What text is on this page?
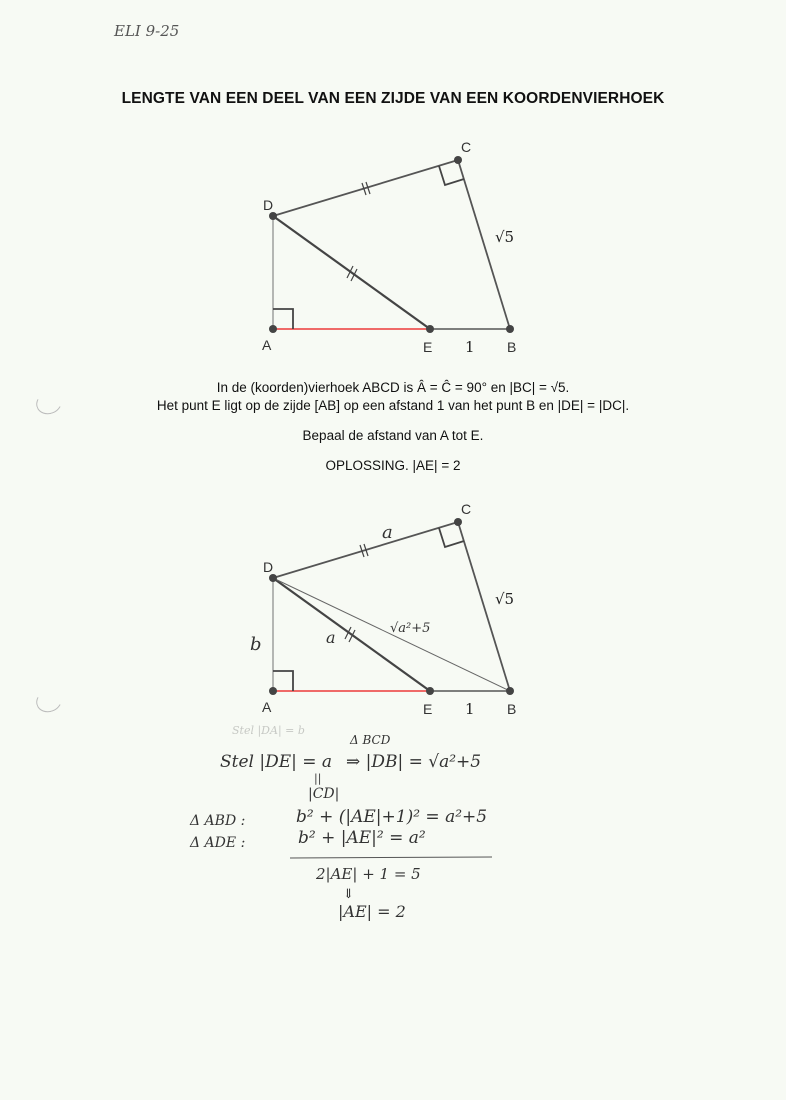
ELI 9-25
LENGTE VAN EEN DEEL VAN EEN ZIJDE VAN EEN KOORDENVIERHOEK
In de (koorden)vierhoek ABCD is Â = Ĉ = 90° en |BC| = √5.
Het punt E ligt op de zijde [AB] op een afstand 1 van het punt B en |DE| = |DC|.
Bepaal de afstand van A tot E.
OPLOSSING. |AE| = 2
D
A	E	B
C
√5
1
D
A	E	B
C
√5
1
a
a
b
√a²+5
Stel |DA| = b
Stel |DE| = a
||
|CD|
Δ BCD
⇒ |DB| = √a²+5
Δ ABD :	b² + (|AE|+1)² = a²+5
Δ ADE :	b² + |AE|² = a²
2|AE| + 1 = 5
⇓
|AE| = 2
